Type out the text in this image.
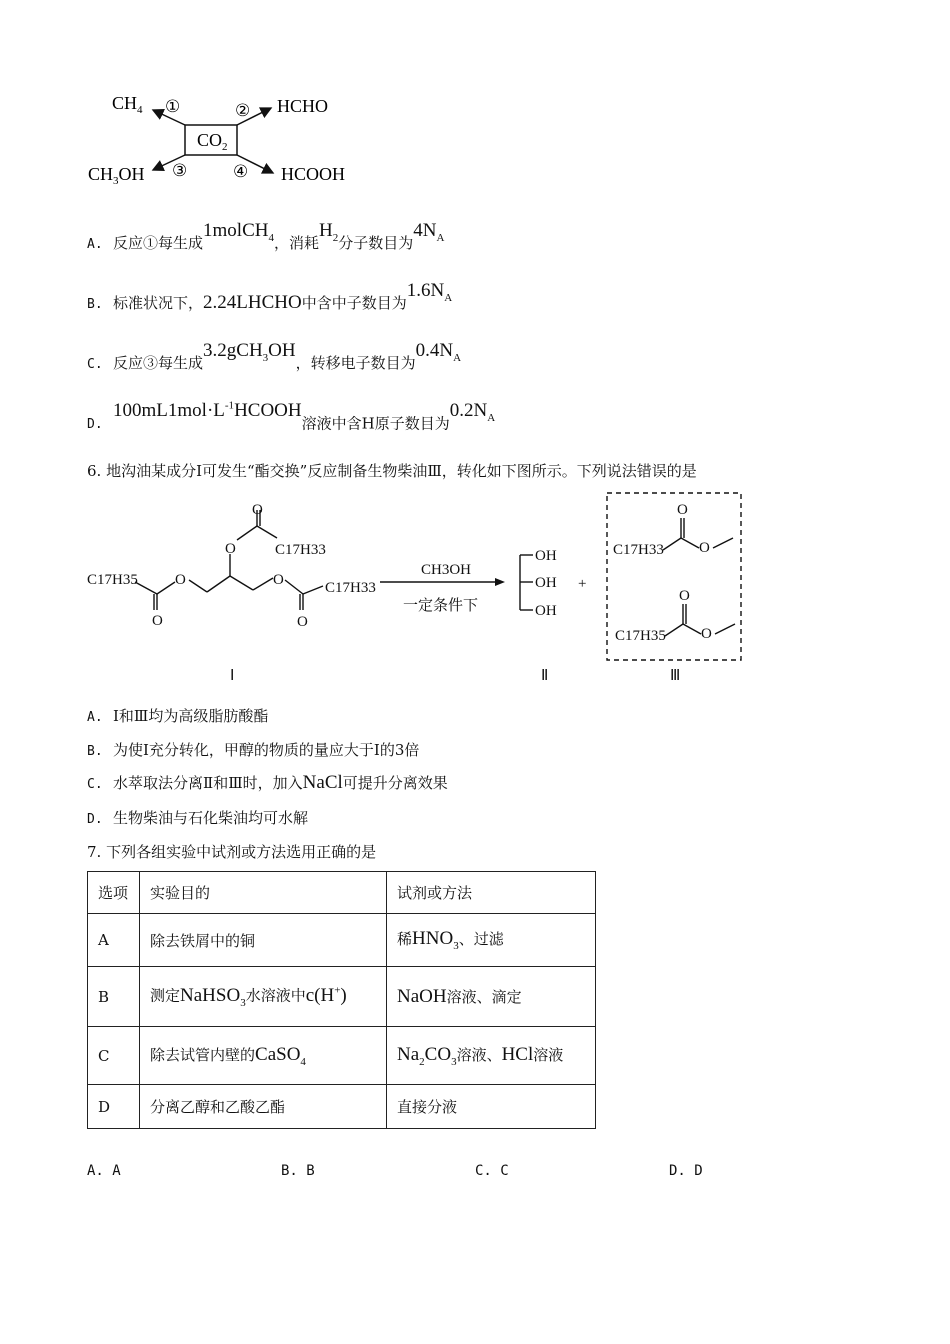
$CO_2$
$CH_4$ ①	② HCHO
$CH_3OH$ ③	④ HCOOH
A. 反应①每生成1molCH$_4$，消耗$H_2$分子数目为$4N_A$
B. 标准状况下，2.24LHCHO中含中子数目为$1.6N_A$
C. 反应③每生成3.2gCH$_3$OH，转移电子数目为$0.4N_A$
$D.100mL1mol\cdot L^{-1}HCOOH$溶液中含H原子数目为$0.2N_A$
6. 地沟油某成分Ⅰ可发生“酯交换”反应制备生物柴油Ⅲ，转化如下图所示。下列说法错误的是
C17H35 O
O
O
O
C17H33
O
O
C17H33
CH3OH
一定条件下
OH
OH
OH
+
C17H33
O
O
C17H35
O
O
Ⅰ	Ⅱ	Ⅲ
A. Ⅰ和Ⅲ均为高级脂肪酸酯
B. 为使Ⅰ充分转化，甲醇的物质的量应大于Ⅰ的3倍
C. 水萃取法分离Ⅱ和Ⅲ时，加入NaCl可提升分离效果
D. 生物柴油与石化柴油均可水解
7. 下列各组实验中试剂或方法选用正确的是
选项	实验目的	试剂或方法
A	除去铁屑中的铜	稀$HNO_3$、过滤
B	测定NaHSO$_3$水溶液中c(H+)	NaOH溶液、滴定
C	除去试管内壁的CaSO$_4$	$Na_2CO_3$溶液、HCl溶液
D	分离乙醇和乙酸乙酯	直接分液
A. A	B. B	C. C	D. D
